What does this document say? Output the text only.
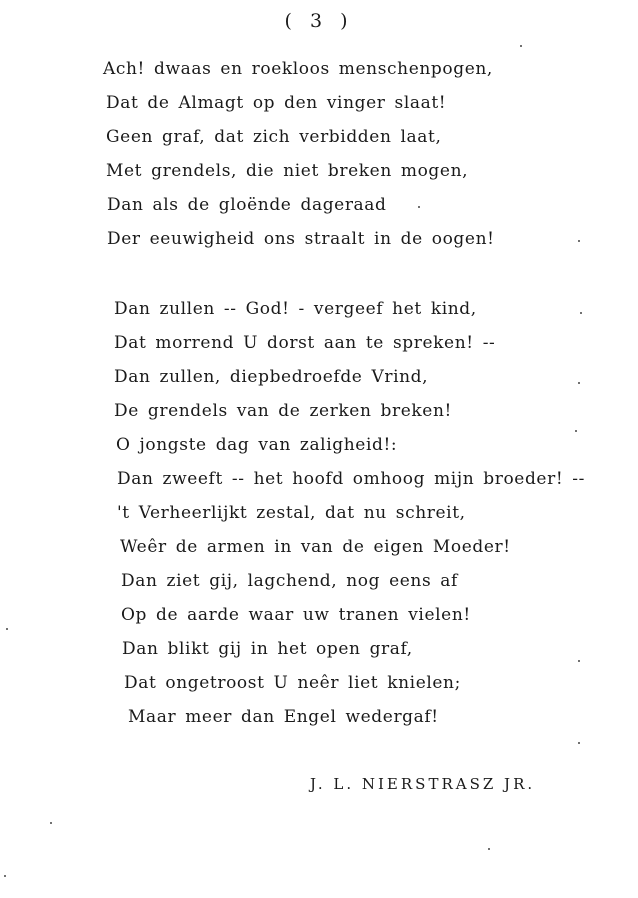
( 3 )
Ach! dwaas en roekloos menschenpogen,
Dat de Almagt op den vinger slaat!
Geen graf, dat zich verbidden laat,
Met grendels, die niet breken mogen,
Dan als de gloënde dageraad
Der eeuwigheid ons straalt in de oogen!
Dan zullen -- God! - vergeef het kind,
Dat morrend U dorst aan te spreken! --
Dan zullen, diepbedroefde Vrind,
De grendels van de zerken breken!
O jongste dag van zaligheid!:
Dan zweeft -- het hoofd omhoog mijn broeder! --
't Verheerlijkt zestal, dat nu schreit,
Weêr de armen in van de eigen Moeder!
Dan ziet gij, lagchend, nog eens af
Op de aarde waar uw tranen vielen!
Dan blikt gij in het open graf,
Dat ongetroost U neêr liet knielen;
Maar meer dan Engel wedergaf!
J. L. NIERSTRASZ JR.
